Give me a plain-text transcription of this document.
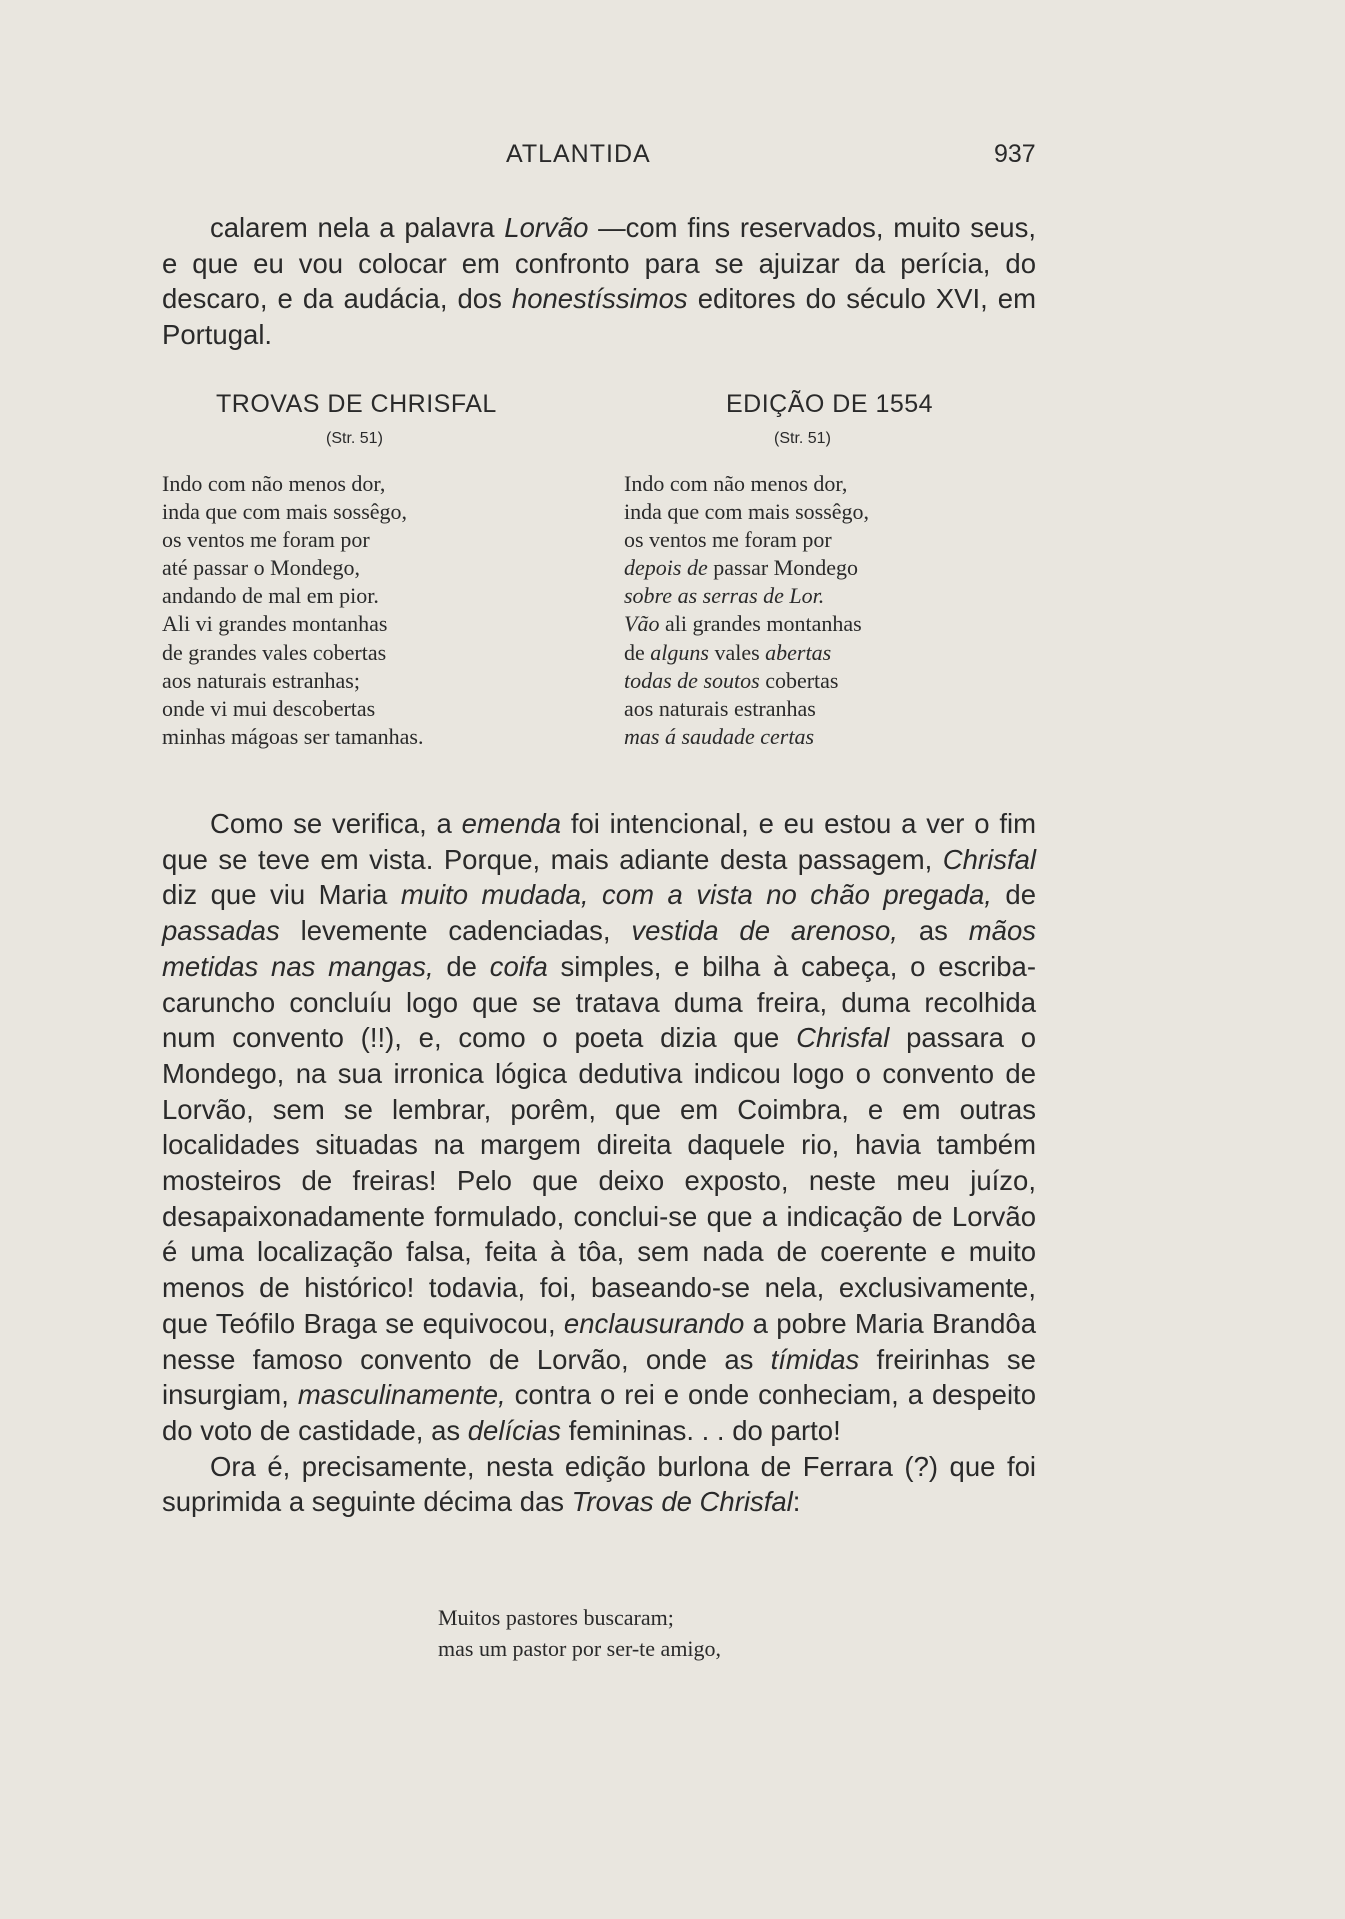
ATLANTIDA	937

calarem nela a palavra Lorvão —com fins reservados, muito seus, e que eu vou colocar em confronto para se ajuizar da perícia, do descaro, e da audácia, dos honestíssimos editores do século XVI, em Portugal.

TROVAS DE CHRISFAL
(Str. 51)
Indo com não menos dor,
inda que com mais sossêgo,
os ventos me foram por
até passar o Mondego,
andando de mal em pior.
Ali vi grandes montanhas
de grandes vales cobertas
aos naturais estranhas;
onde vi mui descobertas
minhas mágoas ser tamanhas.
EDIÇÃO DE 1554
(Str. 51)
Indo com não menos dor,
inda que com mais sossêgo,
os ventos me foram por
depois de passar Mondego
sobre as serras de Lor.
Vão ali grandes montanhas
de alguns vales abertas
todas de soutos cobertas
aos naturais estranhas
mas á saudade certas

Como se verifica, a emenda foi intencional, e eu estou a ver o fim que se teve em vista. Porque, mais adiante desta passagem, Chrisfal diz que viu Maria muito mudada, com a vista no chão pregada, de passadas levemente cadenciadas, vestida de arenoso, as mãos metidas nas mangas, de coifa simples, e bilha à cabeça, o escriba-caruncho concluíu logo que se tratava duma freira, duma recolhida num convento (!!), e, como o poeta dizia que Chrisfal passara o Mondego, na sua irronica lógica dedutiva indicou logo o convento de Lorvão, sem se lembrar, porêm, que em Coimbra, e em outras localidades situadas na margem direita daquele rio, havia também mosteiros de freiras! Pelo que deixo exposto, neste meu juízo, desapaixonadamente formulado, conclui-se que a indicação de Lorvão é uma localização falsa, feita à tôa, sem nada de coerente e muito menos de histórico! todavia, foi, baseando-se nela, exclusivamente, que Teófilo Braga se equivocou, enclausurando a pobre Maria Brandôa nesse famoso convento de Lorvão, onde as tímidas freirinhas se insurgiam, masculinamente, contra o rei e onde conheciam, a despeito do voto de castidade, as delícias femininas. . . do parto!

Ora é, precisamente, nesta edição burlona de Ferrara (?) que foi suprimida a seguinte décima das Trovas de Chrisfal:

Muitos pastores buscaram;
mas um pastor por ser-te amigo,
